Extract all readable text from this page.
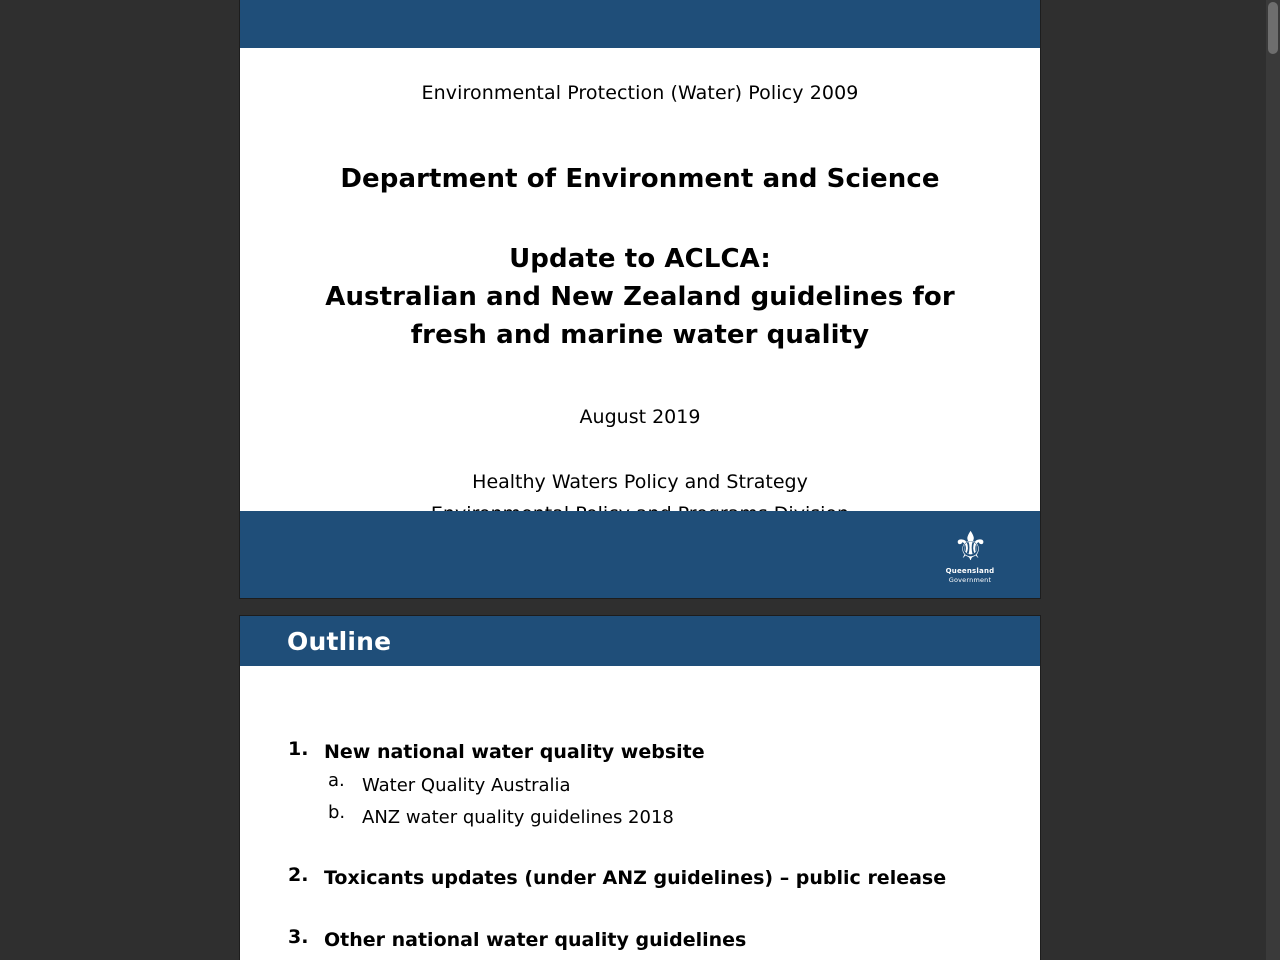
Environmental Protection (Water) Policy 2009
Department of Environment and Science
Update to ACLCA:
Australian and New Zealand guidelines for
fresh and marine water quality
August 2019
Healthy Waters Policy and Strategy
⚜
Queensland
Government
Outline
1. New national water quality website
a. Water Quality Australia
b. ANZ water quality guidelines 2018
2. Toxicants updates (under ANZ guidelines) – public release
3. Other national water quality guidelines
